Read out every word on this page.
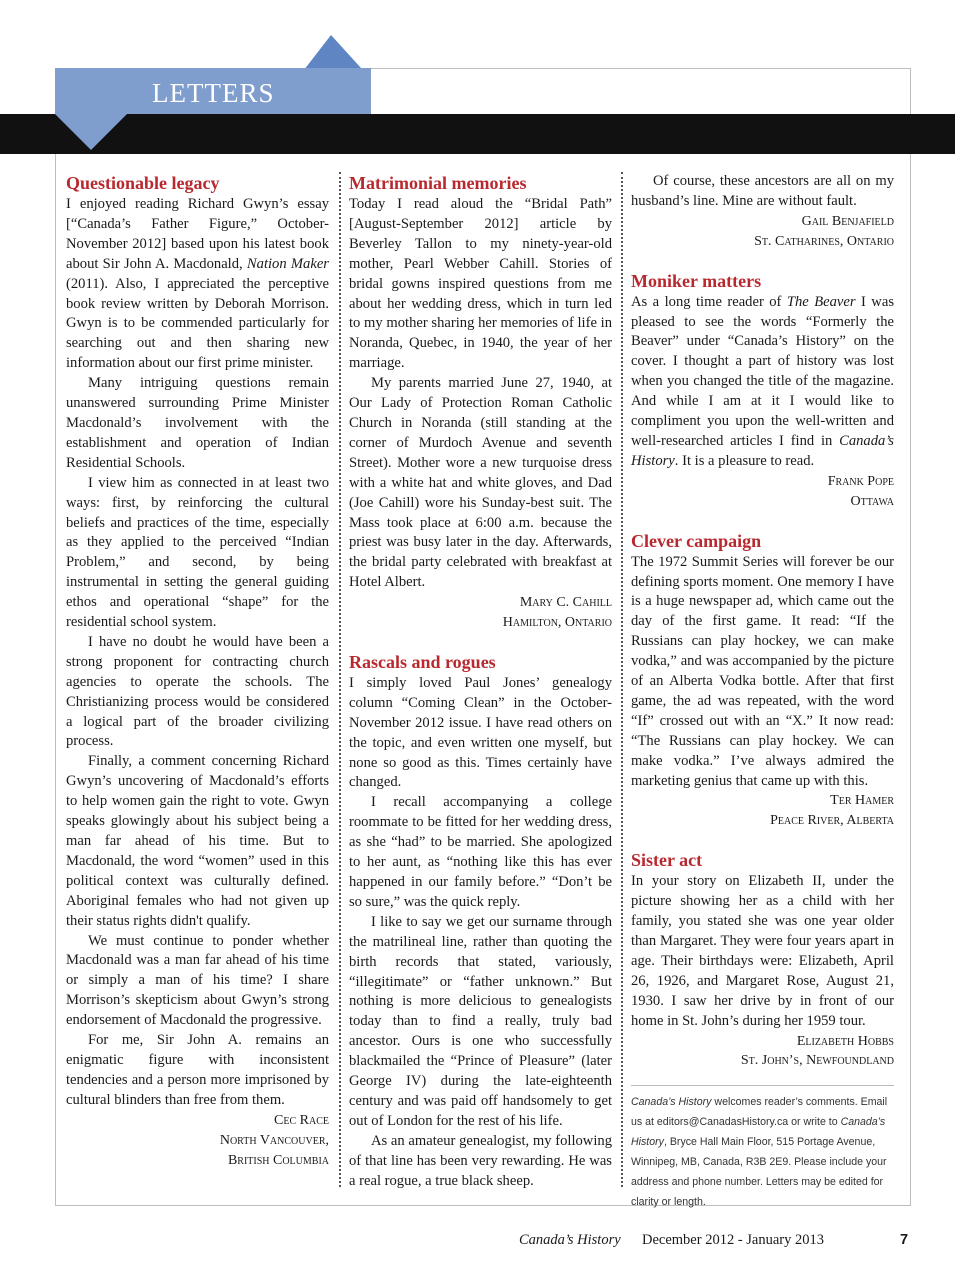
LETTERS
Questionable legacy

I enjoyed reading Richard Gwyn’s essay [“Canada’s Father Figure,” October-November 2012] based upon his latest book about Sir John A. Macdonald, Nation Maker (2011). Also, I appreciated the perceptive book review written by Deborah Morrison. Gwyn is to be commended particularly for searching out and then sharing new information about our first prime minister.

Many intriguing questions remain unanswered surrounding Prime Minister Macdonald’s involvement with the establishment and operation of Indian Residential Schools.

I view him as connected in at least two ways: first, by reinforcing the cultural beliefs and practices of the time, especially as they applied to the perceived “Indian Problem,” and second, by being instrumental in setting the general guiding ethos and operational “shape” for the residential school system.

I have no doubt he would have been a strong proponent for contracting church agencies to operate the schools. The Christianizing process would be considered a logical part of the broader civilizing process.

Finally, a comment concerning Richard Gwyn’s uncovering of Macdonald’s efforts to help women gain the right to vote. Gwyn speaks glowingly about his subject being a man far ahead of his time. But to Macdonald, the word “women” used in this political context was culturally defined. Aboriginal females who had not given up their status rights didn't qualify.

We must continue to ponder whether Macdonald was a man far ahead of his time or simply a man of his time? I share Morrison’s skepticism about Gwyn’s strong endorsement of Macdonald the progressive.

For me, Sir John A. remains an enigmatic figure with inconsistent tendencies and a person more imprisoned by cultural blinders than free from them.

Cec Race
North Vancouver,
British Columbia
Matrimonial memories

Today I read aloud the “Bridal Path” [August-September 2012] article by Beverley Tallon to my ninety-year-old mother, Pearl Webber Cahill. Stories of bridal gowns inspired questions from me about her wedding dress, which in turn led to my mother sharing her memories of life in Noranda, Quebec, in 1940, the year of her marriage.

My parents married June 27, 1940, at Our Lady of Protection Roman Catholic Church in Noranda (still standing at the corner of Murdoch Avenue and seventh Street). Mother wore a new turquoise dress with a white hat and white gloves, and Dad (Joe Cahill) wore his Sunday-best suit. The Mass took place at 6:00 a.m. because the priest was busy later in the day. Afterwards, the bridal party celebrated with breakfast at Hotel Albert.

Mary C. Cahill
Hamilton, Ontario
Rascals and rogues

I simply loved Paul Jones’ genealogy column “Coming Clean” in the October-November 2012 issue. I have read others on the topic, and even written one myself, but none so good as this. Times certainly have changed.

I recall accompanying a college roommate to be fitted for her wedding dress, as she “had” to be married. She apologized to her aunt, as “nothing like this has ever happened in our family before.” “Don’t be so sure,” was the quick reply.

I like to say we get our surname through the matrilineal line, rather than quoting the birth records that stated, variously, “illegitimate” or “father unknown.” But nothing is more delicious to genealogists today than to find a really, truly bad ancestor. Ours is one who successfully blackmailed the “Prince of Pleasure” (later George IV) during the late-eighteenth century and was paid off handsomely to get out of London for the rest of his life.

As an amateur genealogist, my following of that line has been very rewarding. He was a real rogue, a true black sheep.

Of course, these ancestors are all on my husband’s line. Mine are without fault.

Gail Benjafield
St. Catharines, Ontario
Moniker matters

As a long time reader of The Beaver I was pleased to see the words “Formerly the Beaver” under “Canada’s History” on the cover. I thought a part of history was lost when you changed the title of the magazine. And while I am at it I would like to compliment you upon the well-written and well-researched articles I find in Canada’s History. It is a pleasure to read.

Frank Pope
Ottawa
Clever campaign

The 1972 Summit Series will forever be our defining sports moment. One memory I have is a huge newspaper ad, which came out the day of the first game. It read: “If the Russians can play hockey, we can make vodka,” and was accompanied by the picture of an Alberta Vodka bottle. After that first game, the ad was repeated, with the word “If” crossed out with an “X.” It now read: “The Russians can play hockey. We can make vodka.” I’ve always admired the marketing genius that came up with this.

Ter Hamer
Peace River, Alberta
Sister act

In your story on Elizabeth II, under the picture showing her as a child with her family, you stated she was one year older than Margaret. They were four years apart in age. Their birthdays were: Elizabeth, April 26, 1926, and Margaret Rose, August 21, 1930. I saw her drive by in front of our home in St. John’s during her 1959 tour.

Elizabeth Hobbs
St. John’s, Newfoundland
Canada’s History welcomes reader’s comments. Email us at editors@CanadasHistory.ca or write to Canada’s History, Bryce Hall Main Floor, 515 Portage Avenue, Winnipeg, MB, Canada, R3B 2E9. Please include your address and phone number. Letters may be edited for clarity or length.
Canada’s History December 2012 - January 2013	7
